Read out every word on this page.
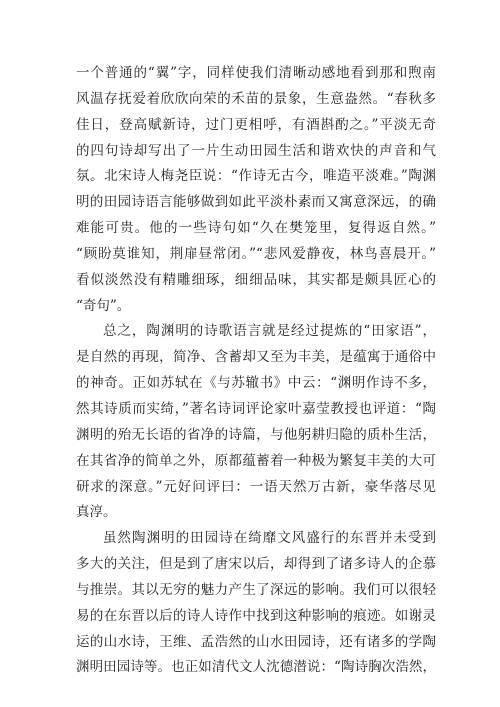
一个普通的“翼”字，同样使我们清晰动感地看到那和煦南
风温存抚爱着欣欣向荣的禾苗的景象，生意盎然。“春秋多
佳日，登高赋新诗，过门更相呼，有酒斟酌之。”平淡无奇
的四句诗却写出了一片生动田园生活和谐欢快的声音和气
氛。北宋诗人梅尧臣说：“作诗无古今，唯造平淡难。”陶渊
明的田园诗语言能够做到如此平淡朴素而又寓意深远，的确
难能可贵。他的一些诗句如“久在樊笼里，复得返自然。”
“顾盼莫谁知，荆扉昼常闭。”“悲风爱静夜，林鸟喜晨开。”
看似淡然没有精雕细琢，细细品味，其实都是颇具匠心的
“奇句”。
总之，陶渊明的诗歌语言就是经过提炼的“田家语”，
是自然的再现，简净、含蓄却又至为丰美，是蕴寓于通俗中
的神奇。正如苏轼在《与苏辙书》中云：“渊明作诗不多，
然其诗质而实绮，”著名诗词评论家叶嘉莹教授也评道：“陶
渊明的殆无长语的省净的诗篇，与他躬耕归隐的质朴生活，
在其省净的简单之外，原都蕴蓄着一种极为繁复丰美的大可
研求的深意。”元好问评曰：一语天然万古新，豪华落尽见
真淳。
虽然陶渊明的田园诗在绮靡文风盛行的东晋并未受到
多大的关注，但是到了唐宋以后，却得到了诸多诗人的企慕
与推崇。其以无穷的魅力产生了深远的影响。我们可以很轻
易的在东晋以后的诗人诗作中找到这种影响的痕迹。如谢灵
运的山水诗，王维、孟浩然的山水田园诗，还有诸多的学陶
渊明田园诗等。也正如清代文人沈德潜说：“陶诗胸次浩然，
